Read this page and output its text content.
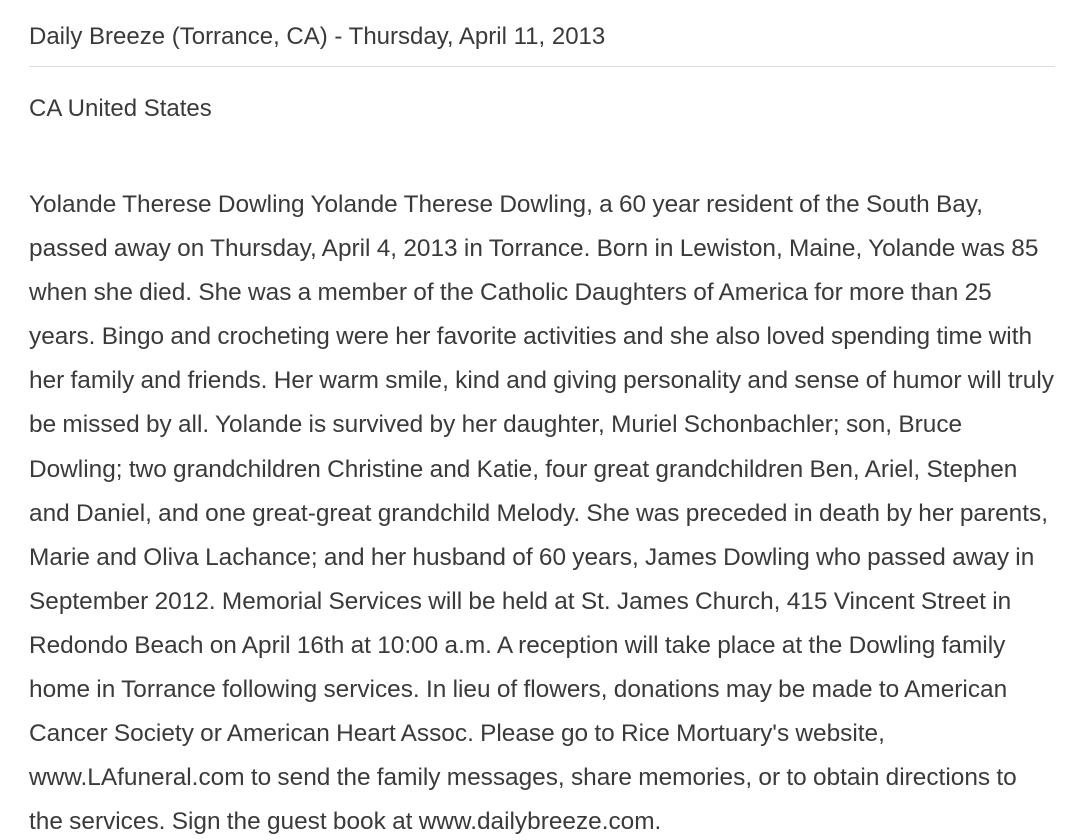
Daily Breeze (Torrance, CA) - Thursday, April 11, 2013
CA United States

Yolande Therese Dowling Yolande Therese Dowling, a 60 year resident of the South Bay, passed away on Thursday, April 4, 2013 in Torrance. Born in Lewiston, Maine, Yolande was 85 when she died. She was a member of the Catholic Daughters of America for more than 25 years. Bingo and crocheting were her favorite activities and she also loved spending time with her family and friends. Her warm smile, kind and giving personality and sense of humor will truly be missed by all. Yolande is survived by her daughter, Muriel Schonbachler; son, Bruce Dowling; two grandchildren Christine and Katie, four great grandchildren Ben, Ariel, Stephen and Daniel, and one great-great grandchild Melody. She was preceded in death by her parents, Marie and Oliva Lachance; and her husband of 60 years, James Dowling who passed away in September 2012. Memorial Services will be held at St. James Church, 415 Vincent Street in Redondo Beach on April 16th at 10:00 a.m. A reception will take place at the Dowling family home in Torrance following services. In lieu of flowers, donations may be made to American Cancer Society or American Heart Assoc. Please go to Rice Mortuary's website, www.LAfuneral.com to send the family messages, share memories, or to obtain directions to the services. Sign the guest book at www.dailybreeze.com.
